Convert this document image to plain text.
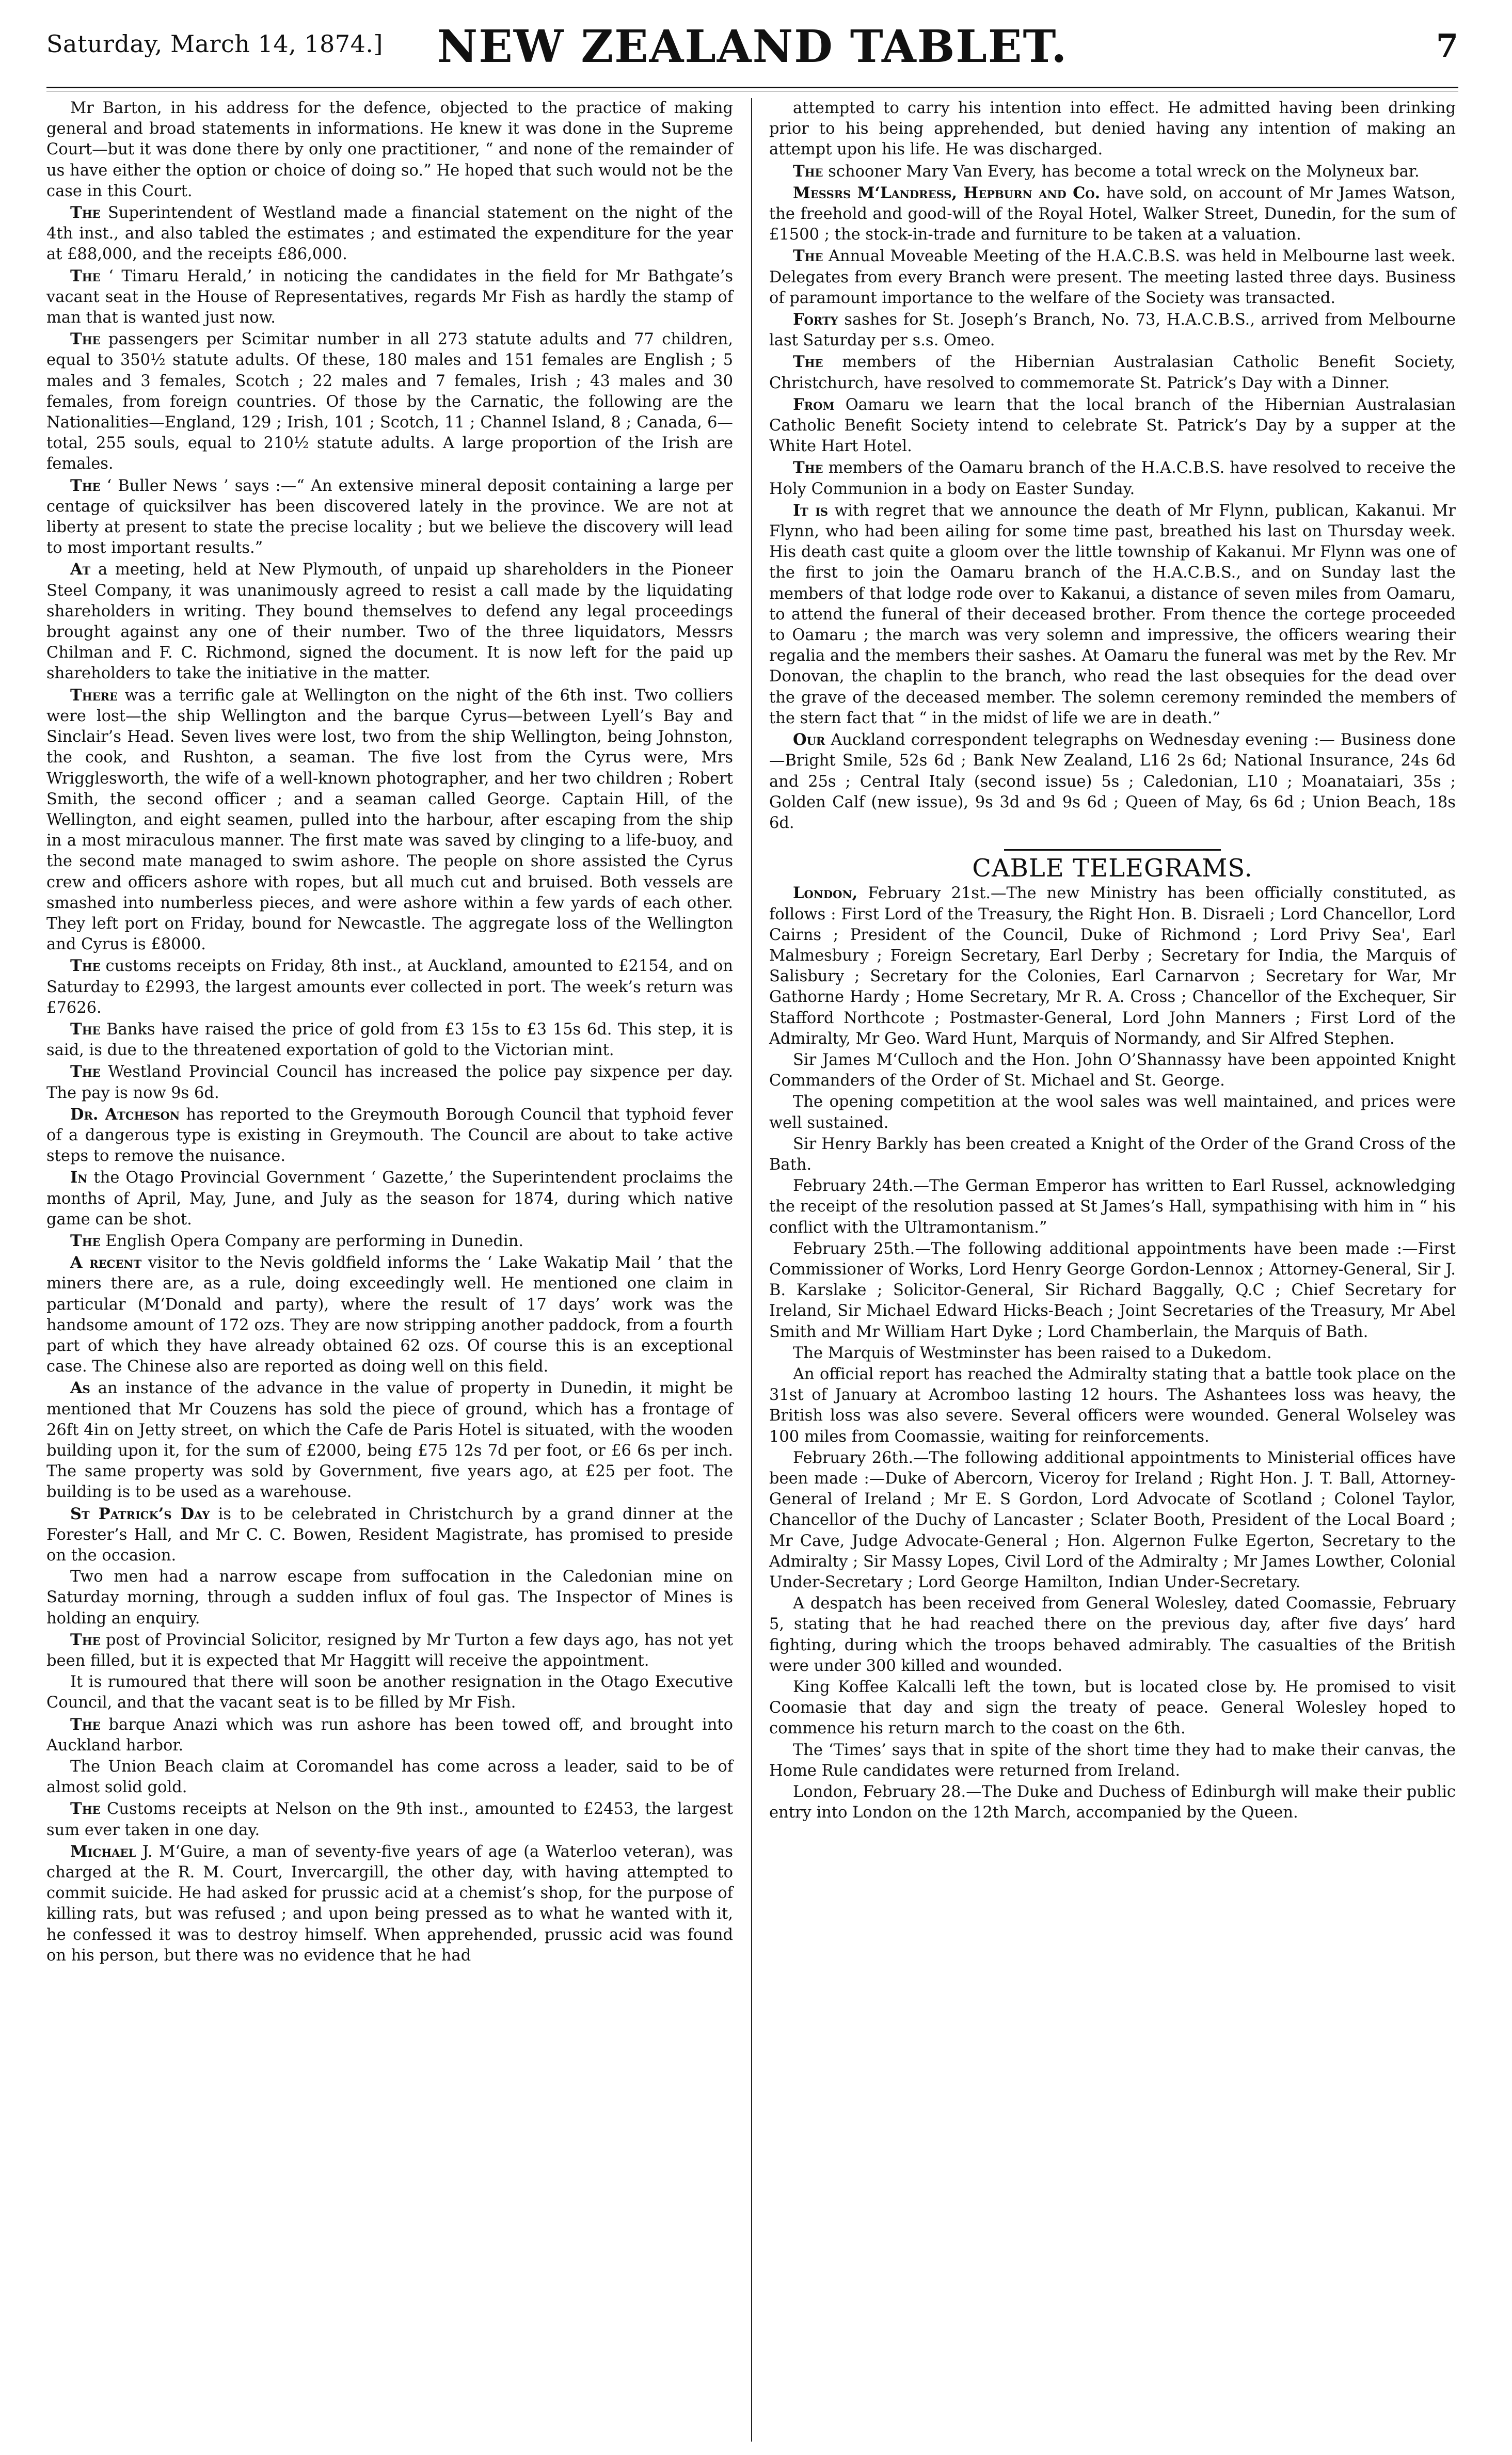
Saturday, March 14, 1874.]	NEW ZEALAND TABLET.	7

Mr Barton, in his address for the defence, objected to the practice of making general and broad statements in informations. He knew it was done in the Supreme Court—but it was done there by only one practitioner, “ and none of the remainder of us have either the option or choice of doing so.” He hoped that such would not be the case in this Court.

The Superintendent of Westland made a financial statement on the night of the 4th inst., and also tabled the estimates ; and estimated the expenditure for the year at £88,000, and the receipts £86,000.

The ‘ Timaru Herald,’ in noticing the candidates in the field for Mr Bathgate’s vacant seat in the House of Representatives, regards Mr Fish as hardly the stamp of man that is wanted just now.

The passengers per Scimitar number in all 273 statute adults and 77 children, equal to 350½ statute adults. Of these, 180 males and 151 females are English ; 5 males and 3 females, Scotch ; 22 males and 7 females, Irish ; 43 males and 30 females, from foreign countries. Of those by the Carnatic, the following are the Nationalities—England, 129 ; Irish, 101 ; Scotch, 11 ; Channel Island, 8 ; Canada, 6—total, 255 souls, equal to 210½ statute adults. A large proportion of the Irish are females.

The ‘ Buller News ’ says :—“ An extensive mineral deposit containing a large per centage of quicksilver has been discovered lately in the province. We are not at liberty at present to state the precise locality ; but we believe the discovery will lead to most important results.”

At a meeting, held at New Plymouth, of unpaid up shareholders in the Pioneer Steel Company, it was unanimously agreed to resist a call made by the liquidating shareholders in writing. They bound themselves to defend any legal proceedings brought against any one of their number. Two of the three liquidators, Messrs Chilman and F. C. Richmond, signed the document. It is now left for the paid up shareholders to take the initiative in the matter.

There was a terrific gale at Wellington on the night of the 6th inst. Two colliers were lost—the ship Wellington and the barque Cyrus—between Lyell’s Bay and Sinclair’s Head. Seven lives were lost, two from the ship Wellington, being Johnston, the cook, and Rushton, a seaman. The five lost from the Cyrus were, Mrs Wrigglesworth, the wife of a well-known photographer, and her two children ; Robert Smith, the second officer ; and a seaman called George. Captain Hill, of the Wellington, and eight seamen, pulled into the harbour, after escaping from the ship in a most miraculous manner. The first mate was saved by clinging to a life-buoy, and the second mate managed to swim ashore. The people on shore assisted the Cyrus crew and officers ashore with ropes, but all much cut and bruised. Both vessels are smashed into numberless pieces, and were ashore within a few yards of each other. They left port on Friday, bound for Newcastle. The aggregate loss of the Wellington and Cyrus is £8000.

The customs receipts on Friday, 8th inst., at Auckland, amounted to £2154, and on Saturday to £2993, the largest amounts ever collected in port. The week’s return was £7626.

The Banks have raised the price of gold from £3 15s to £3 15s 6d. This step, it is said, is due to the threatened exportation of gold to the Victorian mint.

The Westland Provincial Council has increased the police pay sixpence per day. The pay is now 9s 6d.

Dr. Atcheson has reported to the Greymouth Borough Council that typhoid fever of a dangerous type is existing in Greymouth. The Council are about to take active steps to remove the nuisance.

In the Otago Provincial Government ‘ Gazette,’ the Superintendent proclaims the months of April, May, June, and July as the season for 1874, during which native game can be shot.

The English Opera Company are performing in Dunedin.

A recent visitor to the Nevis goldfield informs the ‘ Lake Wakatip Mail ’ that the miners there are, as a rule, doing exceedingly well. He mentioned one claim in particular (M‘Donald and party), where the result of 17 days’ work was the handsome amount of 172 ozs. They are now stripping another paddock, from a fourth part of which they have already obtained 62 ozs. Of course this is an exceptional case. The Chinese also are reported as doing well on this field.

As an instance of the advance in the value of property in Dunedin, it might be mentioned that Mr Couzens has sold the piece of ground, which has a frontage of 26ft 4in on Jetty street, on which the Cafe de Paris Hotel is situated, with the wooden building upon it, for the sum of £2000, being £75 12s 7d per foot, or £6 6s per inch. The same property was sold by Government, five years ago, at £25 per foot. The building is to be used as a warehouse.

St Patrick’s Day is to be celebrated in Christchurch by a grand dinner at the Forester’s Hall, and Mr C. C. Bowen, Resident Magistrate, has promised to preside on the occasion.

Two men had a narrow escape from suffocation in the Caledonian mine on Saturday morning, through a sudden influx of foul gas. The Inspector of Mines is holding an enquiry.

The post of Provincial Solicitor, resigned by Mr Turton a few days ago, has not yet been filled, but it is expected that Mr Haggitt will receive the appointment.

It is rumoured that there will soon be another resignation in the Otago Executive Council, and that the vacant seat is to be filled by Mr Fish.

The barque Anazi which was run ashore has been towed off, and brought into Auckland harbor.

The Union Beach claim at Coromandel has come across a leader, said to be of almost solid gold.

The Customs receipts at Nelson on the 9th inst., amounted to £2453, the largest sum ever taken in one day.

Michael J. M‘Guire, a man of seventy-five years of age (a Waterloo veteran), was charged at the R. M. Court, Invercargill, the other day, with having attempted to commit suicide. He had asked for prussic acid at a chemist’s shop, for the purpose of killing rats, but was refused ; and upon being pressed as to what he wanted with it, he confessed it was to destroy himself. When apprehended, prussic acid was found on his person, but there was no evidence that he had

attempted to carry his intention into effect. He admitted having been drinking prior to his being apprehended, but denied having any intention of making an attempt upon his life. He was discharged.

The schooner Mary Van Every, has become a total wreck on the Molyneux bar.

Messrs M‘Landress, Hepburn and Co. have sold, on account of Mr James Watson, the freehold and good-will of the Royal Hotel, Walker Street, Dunedin, for the sum of £1500 ; the stock-in-trade and furniture to be taken at a valuation.

The Annual Moveable Meeting of the H.A.C.B.S. was held in Melbourne last week. Delegates from every Branch were present. The meeting lasted three days. Business of paramount importance to the welfare of the Society was transacted.

Forty sashes for St. Joseph’s Branch, No. 73, H.A.C.B.S., arrived from Melbourne last Saturday per s.s. Omeo.

The members of the Hibernian Australasian Catholic Benefit Society, Christchurch, have resolved to commemorate St. Patrick’s Day with a Dinner.

From Oamaru we learn that the local branch of the Hibernian Australasian Catholic Benefit Society intend to celebrate St. Patrick’s Day by a supper at the White Hart Hotel.

The members of the Oamaru branch of the H.A.C.B.S. have resolved to receive the Holy Communion in a body on Easter Sunday.

It is with regret that we announce the death of Mr Flynn, publican, Kakanui. Mr Flynn, who had been ailing for some time past, breathed his last on Thursday week. His death cast quite a gloom over the little township of Kakanui. Mr Flynn was one of the first to join the Oamaru branch of the H.A.C.B.S., and on Sunday last the members of that lodge rode over to Kakanui, a distance of seven miles from Oamaru, to attend the funeral of their deceased brother. From thence the cortege proceeded to Oamaru ; the march was very solemn and impressive, the officers wearing their regalia and the members their sashes. At Oamaru the funeral was met by the Rev. Mr Donovan, the chaplin to the branch, who read the last obsequies for the dead over the grave of the deceased member. The solemn ceremony reminded the members of the stern fact that “ in the midst of life we are in death.”

Our Auckland correspondent telegraphs on Wednesday evening :— Business done—Bright Smile, 52s 6d ; Bank New Zealand, L16 2s 6d; National Insurance, 24s 6d and 25s ; Central Italy (second issue) 5s ; Caledonian, L10 ; Moanataiari, 35s ; Golden Calf (new issue), 9s 3d and 9s 6d ; Queen of May, 6s 6d ; Union Beach, 18s 6d.

CABLE TELEGRAMS.

London, February 21st.—The new Ministry has been officially constituted, as follows : First Lord of the Treasury, the Right Hon. B. Disraeli ; Lord Chancellor, Lord Cairns ; President of the Council, Duke of Richmond ; Lord Privy Sea', Earl Malmesbury ; Foreign Secretary, Earl Derby ; Secretary for India, the Marquis of Salisbury ; Secretary for the Colonies, Earl Carnarvon ; Secretary for War, Mr Gathorne Hardy ; Home Secretary, Mr R. A. Cross ; Chancellor of the Exchequer, Sir Stafford Northcote ; Postmaster-General, Lord John Manners ; First Lord of the Admiralty, Mr Geo. Ward Hunt, Marquis of Normandy, and Sir Alfred Stephen.

Sir James M‘Culloch and the Hon. John O’Shannassy have been appointed Knight Commanders of the Order of St. Michael and St. George.

The opening competition at the wool sales was well maintained, and prices were well sustained.

Sir Henry Barkly has been created a Knight of the Order of the Grand Cross of the Bath.

February 24th.—The German Emperor has written to Earl Russel, acknowledging the receipt of the resolution passed at St James’s Hall, sympathising with him in “ his conflict with the Ultramontanism.”

February 25th.—The following additional appointments have been made :—First Commissioner of Works, Lord Henry George Gordon-Lennox ; Attorney-General, Sir J. B. Karslake ; Solicitor-General, Sir Richard Baggally, Q.C ; Chief Secretary for Ireland, Sir Michael Edward Hicks-Beach ; Joint Secretaries of the Treasury, Mr Abel Smith and Mr William Hart Dyke ; Lord Chamberlain, the Marquis of Bath.

The Marquis of Westminster has been raised to a Dukedom.

An official report has reached the Admiralty stating that a battle took place on the 31st of January at Acromboo lasting 12 hours. The Ashantees loss was heavy, the British loss was also severe. Several officers were wounded. General Wolseley was 100 miles from Coomassie, waiting for reinforcements.

February 26th.—The following additional appointments to Ministerial offices have been made :—Duke of Abercorn, Viceroy for Ireland ; Right Hon. J. T. Ball, Attorney-General of Ireland ; Mr E. S Gordon, Lord Advocate of Scotland ; Colonel Taylor, Chancellor of the Duchy of Lancaster ; Sclater Booth, President of the Local Board ; Mr Cave, Judge Advocate-General ; Hon. Algernon Fulke Egerton, Secretary to the Admiralty ; Sir Massy Lopes, Civil Lord of the Admiralty ; Mr James Lowther, Colonial Under-Secretary ; Lord George Hamilton, Indian Under-Secretary.

A despatch has been received from General Wolesley, dated Coomassie, February 5, stating that he had reached there on the previous day, after five days’ hard fighting, during which the troops behaved admirably. The casualties of the British were under 300 killed and wounded.

King Koffee Kalcalli left the town, but is located close by. He promised to visit Coomasie that day and sign the treaty of peace. General Wolesley hoped to commence his return march to the coast on the 6th.

The ‘Times’ says that in spite of the short time they had to make their canvas, the Home Rule candidates were returned from Ireland.

London, February 28.—The Duke and Duchess of Edinburgh will make their public entry into London on the 12th March, accompanied by the Queen.
